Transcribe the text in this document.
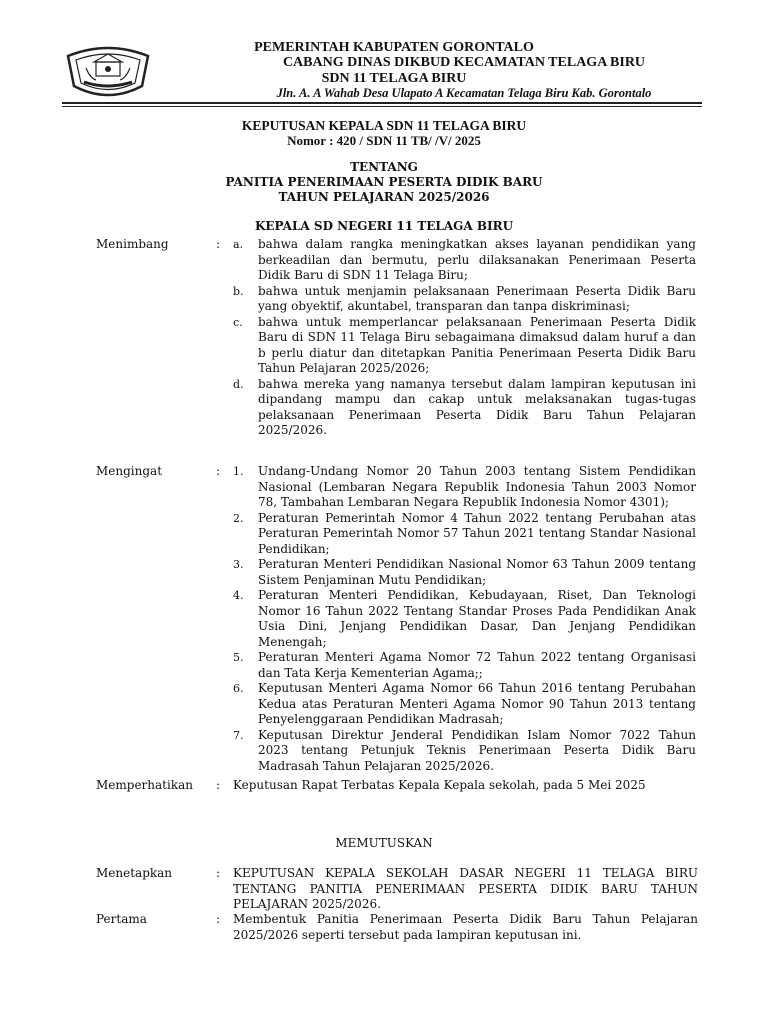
PEMERINTAH KABUPATEN GORONTALO
CABANG DINAS DIKBUD KECAMATAN TELAGA BIRU
SDN 11 TELAGA BIRU
Jln. A. A Wahab Desa Ulapato A Kecamatan Telaga Biru Kab. Gorontalo
KEPUTUSAN KEPALA SDN 11 TELAGA BIRU
Nomor : 420 / SDN 11 TB/ /V/ 2025
TENTANG
PANITIA PENERIMAAN PESERTA DIDIK BARU
TAHUN PELAJARAN 2025/2026
KEPALA SD NEGERI 11 TELAGA BIRU
Menimbang	: a.	bahwa dalam rangka meningkatkan akses layanan pendidikan yang berkeadilan dan bermutu, perlu dilaksanakan Penerimaan Peserta Didik Baru di SDN 11 Telaga Biru;
b.	bahwa untuk menjamin pelaksanaan Penerimaan Peserta Didik Baru yang obyektif, akuntabel, transparan dan tanpa diskriminasi;
c.	bahwa untuk memperlancar pelaksanaan Penerimaan Peserta Didik Baru di SDN 11 Telaga Biru sebagaimana dimaksud dalam huruf a dan b perlu diatur dan ditetapkan Panitia Penerimaan Peserta Didik Baru Tahun Pelajaran 2025/2026;
d.	bahwa mereka yang namanya tersebut dalam lampiran keputusan ini dipandang mampu dan cakap untuk melaksanakan tugas-tugas pelaksanaan Penerimaan Peserta Didik Baru Tahun Pelajaran 2025/2026.
Mengingat	: 1.	Undang-Undang Nomor 20 Tahun 2003 tentang Sistem Pendidikan Nasional (Lembaran Negara Republik Indonesia Tahun 2003 Nomor 78, Tambahan Lembaran Negara Republik Indonesia Nomor 4301);
2.	Peraturan Pemerintah Nomor 4 Tahun 2022 tentang Perubahan atas Peraturan Pemerintah Nomor 57 Tahun 2021 tentang Standar Nasional Pendidikan;
3.	Peraturan Menteri Pendidikan Nasional Nomor 63 Tahun 2009 tentang Sistem Penjaminan Mutu Pendidikan;
4.	Peraturan Menteri Pendidikan, Kebudayaan, Riset, Dan Teknologi Nomor 16 Tahun 2022 Tentang Standar Proses Pada Pendidikan Anak Usia Dini, Jenjang Pendidikan Dasar, Dan Jenjang Pendidikan Menengah;
5.	Peraturan Menteri Agama Nomor 72 Tahun 2022 tentang Organisasi dan Tata Kerja Kementerian Agama;;
6.	Keputusan Menteri Agama Nomor 66 Tahun 2016 tentang Perubahan Kedua atas Peraturan Menteri Agama Nomor 90 Tahun 2013 tentang Penyelenggaraan Pendidikan Madrasah;
7.	Keputusan Direktur Jenderal Pendidikan Islam Nomor 7022 Tahun 2023 tentang Petunjuk Teknis Penerimaan Peserta Didik Baru Madrasah Tahun Pelajaran 2025/2026.
Memperhatikan : Keputusan Rapat Terbatas Kepala Kepala sekolah, pada 5 Mei 2025
MEMUTUSKAN
Menetapkan	: KEPUTUSAN KEPALA SEKOLAH DASAR NEGERI 11 TELAGA BIRU TENTANG PANITIA PENERIMAAN PESERTA DIDIK BARU TAHUN PELAJARAN 2025/2026.
Pertama	: Membentuk Panitia Penerimaan Peserta Didik Baru Tahun Pelajaran 2025/2026 seperti tersebut pada lampiran keputusan ini.
